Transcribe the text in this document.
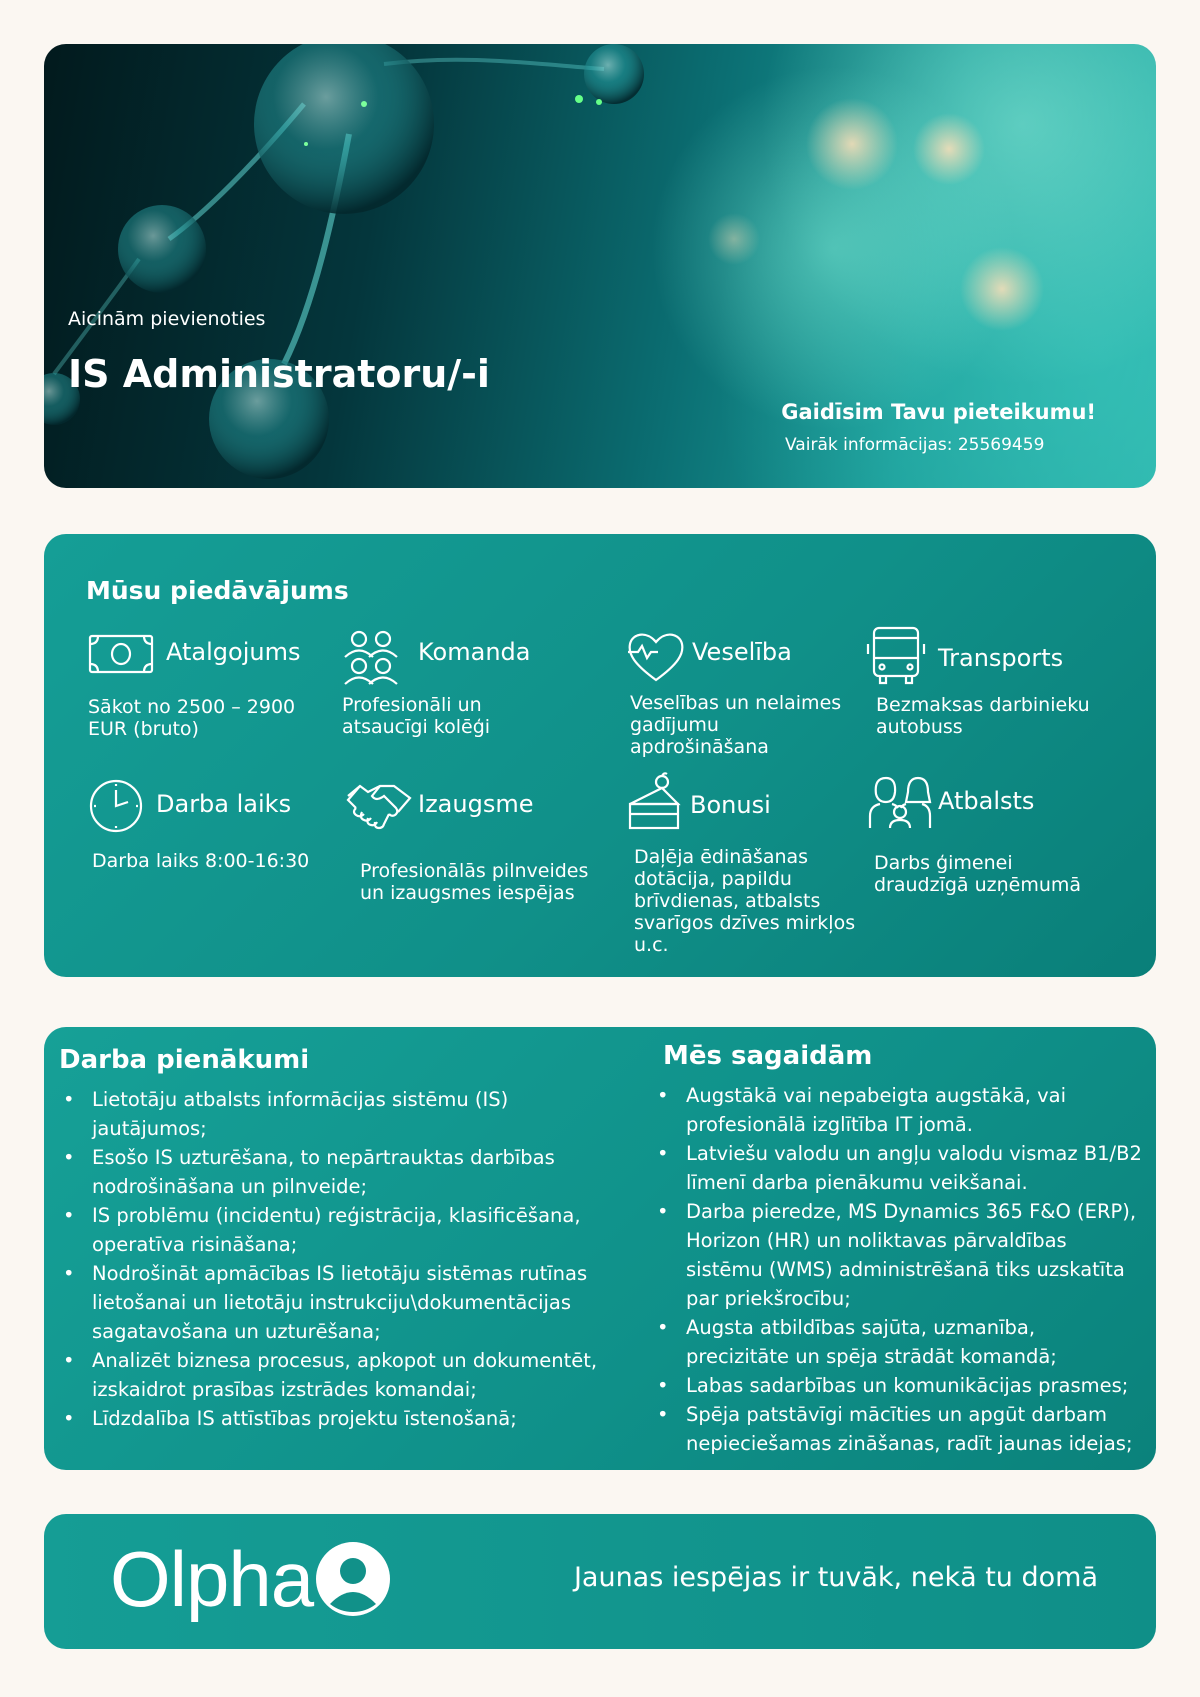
Aicinām pievienoties
IS Administratoru/-i
Gaidīsim Tavu pieteikumu!
Vairāk informācijas: 25569459
Mūsu piedāvājums
Atalgojums
Sākot no 2500 – 2900 EUR (bruto)
Komanda
Profesionāli un atsaucīgi kolēģi
Veselība
Veselības un nelaimes gadījumu apdrošināšana
Transports
Bezmaksas darbinieku autobuss
Darba laiks
Darba laiks 8:00-16:30
Izaugsme
Profesionālās pilnveides un izaugsmes iespējas
Bonusi
Daļēja ēdināšanas dotācija, papildu brīvdienas, atbalsts svarīgos dzīves mirkļos u.c.
Atbalsts
Darbs ģimenei draudzīgā uzņēmumā
Darba pienākumi
• Lietotāju atbalsts informācijas sistēmu (IS) jautājumos;
• Esošo IS uzturēšana, to nepārtrauktas darbības nodrošināšana un pilnveide;
• IS problēmu (incidentu) reģistrācija, klasificēšana, operatīva risināšana;
• Nodrošināt apmācības IS lietotāju sistēmas rutīnas lietošanai un lietotāju instrukciju\dokumentācijas sagatavošana un uzturēšana;
• Analizēt biznesa procesus, apkopot un dokumentēt, izskaidrot prasības izstrādes komandai;
• Līdzdalība IS attīstības projektu īstenošanā;
Mēs sagaidām
• Augstākā vai nepabeigta augstākā, vai profesionālā izglītība IT jomā.
• Latviešu valodu un angļu valodu vismaz B1/B2 līmenī darba pienākumu veikšanai.
• Darba pieredze, MS Dynamics 365 F&O (ERP), Horizon (HR) un noliktavas pārvaldības sistēmu (WMS) administrēšanā tiks uzskatīta par priekšrocību;
• Augsta atbildības sajūta, uzmanība, precizitāte un spēja strādāt komandā;
• Labas sadarbības un komunikācijas prasmes;
• Spēja patstāvīgi mācīties un apgūt darbam nepieciešamas zināšanas, radīt jaunas idejas;
Olpha	Jaunas iespējas ir tuvāk, nekā tu domā
